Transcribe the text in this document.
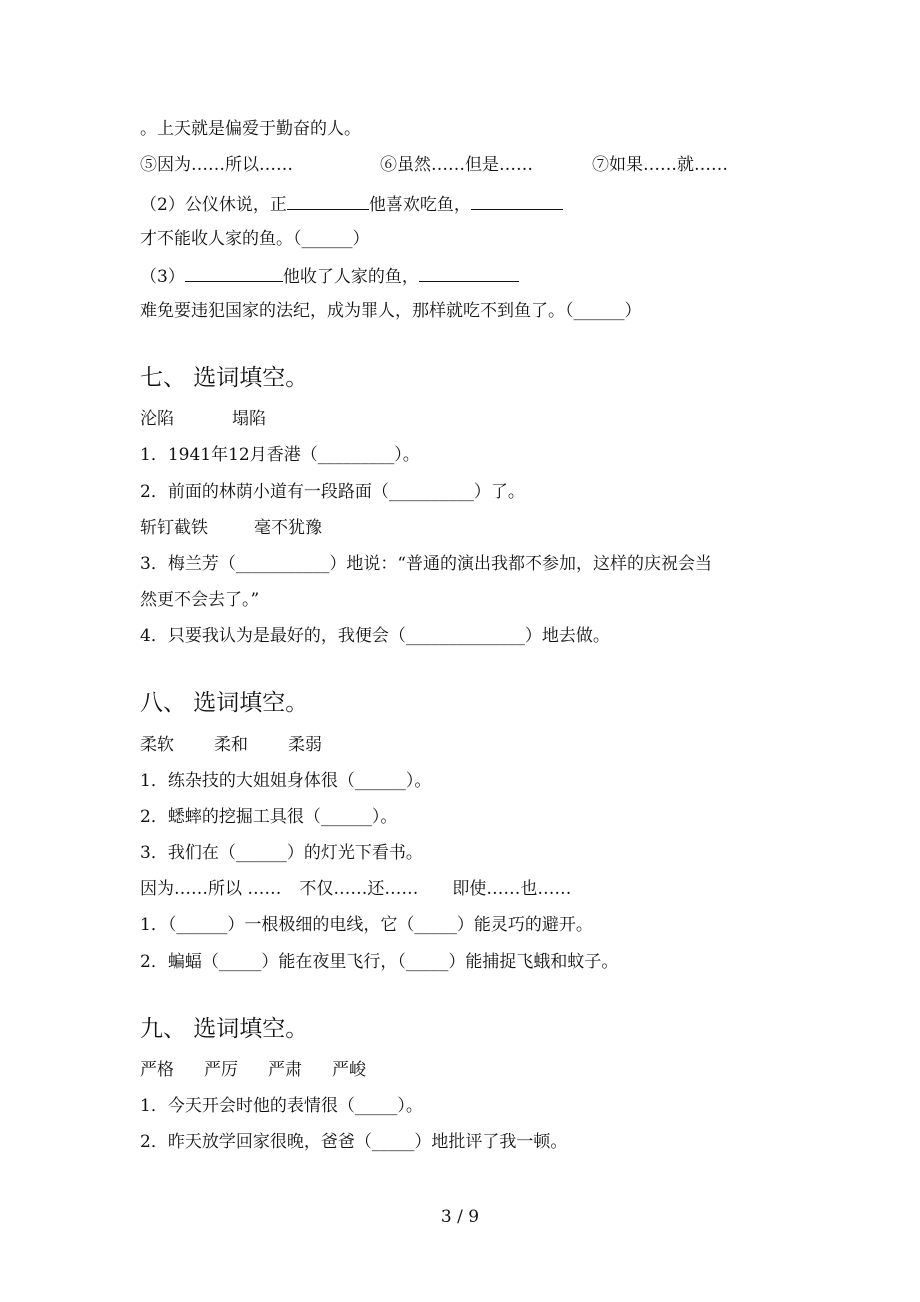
。上天就是偏爱于勤奋的人。
⑤因为……所以……	⑥虽然……但是……	⑦如果……就……
（2）公仪休说，正	他喜欢吃鱼，
才不能收人家的鱼。（______）
（3）	他收了人家的鱼，
难免要违犯国家的法纪，成为罪人，那样就吃不到鱼了。（______）
七、 选词填空。
沦陷	塌陷
1．1941年12月香港（_________）。
2．前面的林荫小道有一段路面（__________）了。
斩钉截铁	毫不犹豫
3．梅兰芳（___________）地说：“普通的演出我都不参加，这样的庆祝会当
然更不会去了。”
4．只要我认为是最好的，我便会（______________）地去做。
八、 选词填空。
柔软 柔和 柔弱
1．练杂技的大姐姐身体很（______）。
2．蟋蟀的挖掘工具很（______）。
3．我们在（______）的灯光下看书。
因为……所以 …… 不仅……还…… 即使……也……
1．（______）一根极细的电线，它（_____）能灵巧的避开。
2．蝙蝠（_____）能在夜里飞行，（_____）能捕捉飞蛾和蚊子。
九、 选词填空。
严格 严厉 严肃 严峻
1．今天开会时他的表情很（_____）。
2．昨天放学回家很晚，爸爸（_____）地批评了我一顿。
3 / 9
